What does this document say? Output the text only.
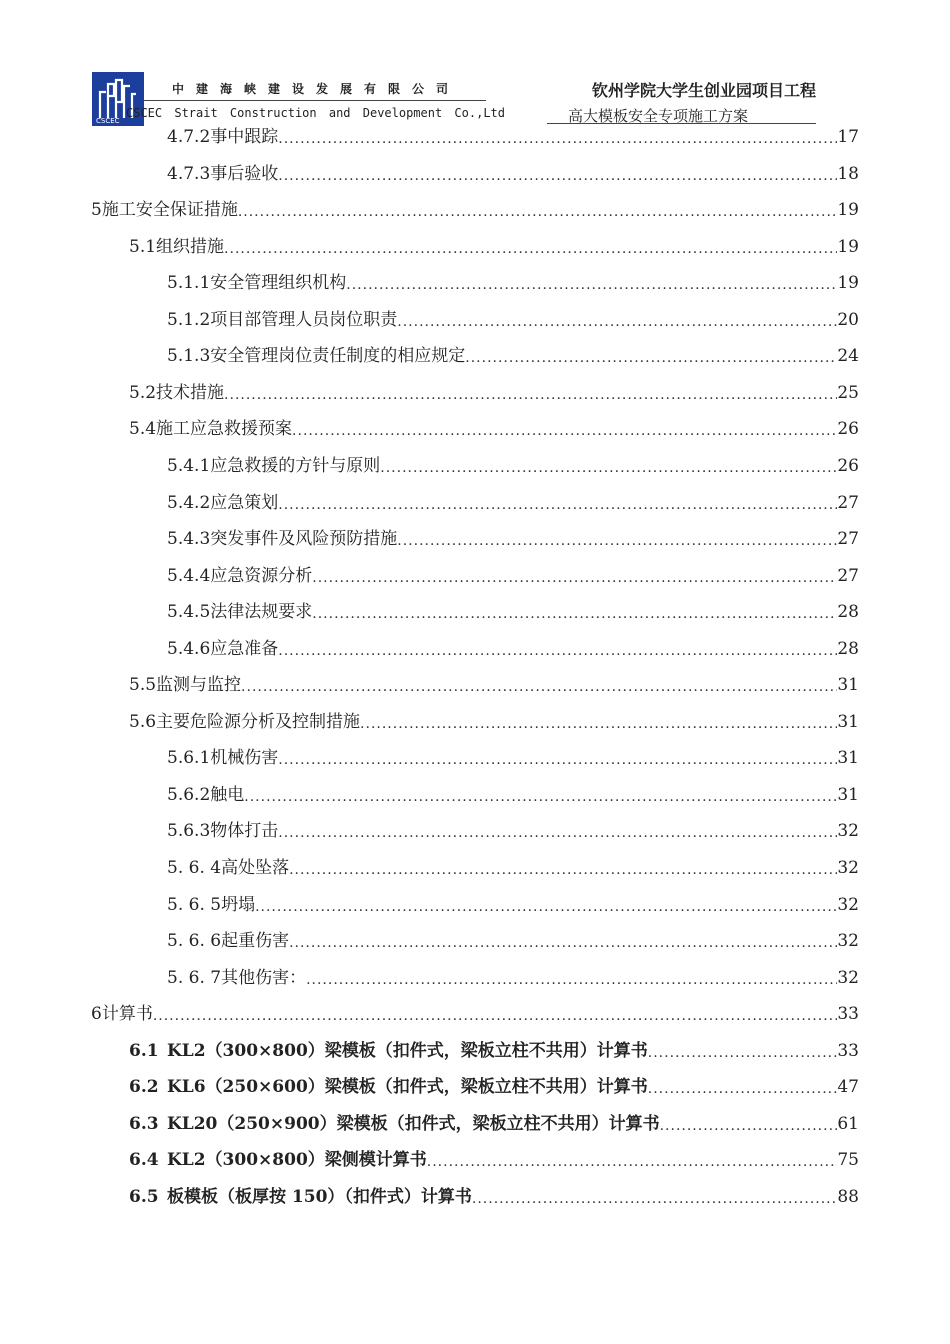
CSCEC
中建海峡建设发展有限公司
CSCEC Strait Construction and Development Co.,Ltd
钦州学院大学生创业园项目工程
高大模板安全专项施工方案
4.7.2事中跟踪 .....	17
4.7.3事后验收 .....	18
5施工安全保证措施 .....	19
5.1组织措施 .....	19
5.1.1安全管理组织机构 .....	19
5.1.2项目部管理人员岗位职责 .....	20
5.1.3安全管理岗位责任制度的相应规定 .....	24
5.2技术措施 .....	25
5.4施工应急救援预案 .....	26
5.4.1应急救援的方针与原则 .....	26
5.4.2应急策划 .....	27
5.4.3突发事件及风险预防措施 .....	27
5.4.4应急资源分析 .....	27
5.4.5法律法规要求 .....	28
5.4.6应急准备 .....	28
5.5监测与监控 .....	31
5.6主要危险源分析及控制措施 .....	31
5.6.1机械伤害 .....	31
5.6.2触电 .....	31
5.6.3物体打击 .....	32
5. 6. 4高处坠落 .....	32
5. 6. 5坍塌 .....	32
5. 6. 6起重伤害 .....	32
5. 6. 7其他伤害： .....	32
6计算书 .....	33
6.1 KL2（300×800）梁模板（扣件式，梁板立柱不共用）计算书 .....	33
6.2 KL6（250×600）梁模板（扣件式，梁板立柱不共用）计算书 .....	47
6.3 KL20（250×900）梁模板（扣件式，梁板立柱不共用）计算书 .....	61
6.4 KL2（300×800）梁侧模计算书 .....	75
6.5 板模板（板厚按 150）（扣件式）计算书 .....	88
